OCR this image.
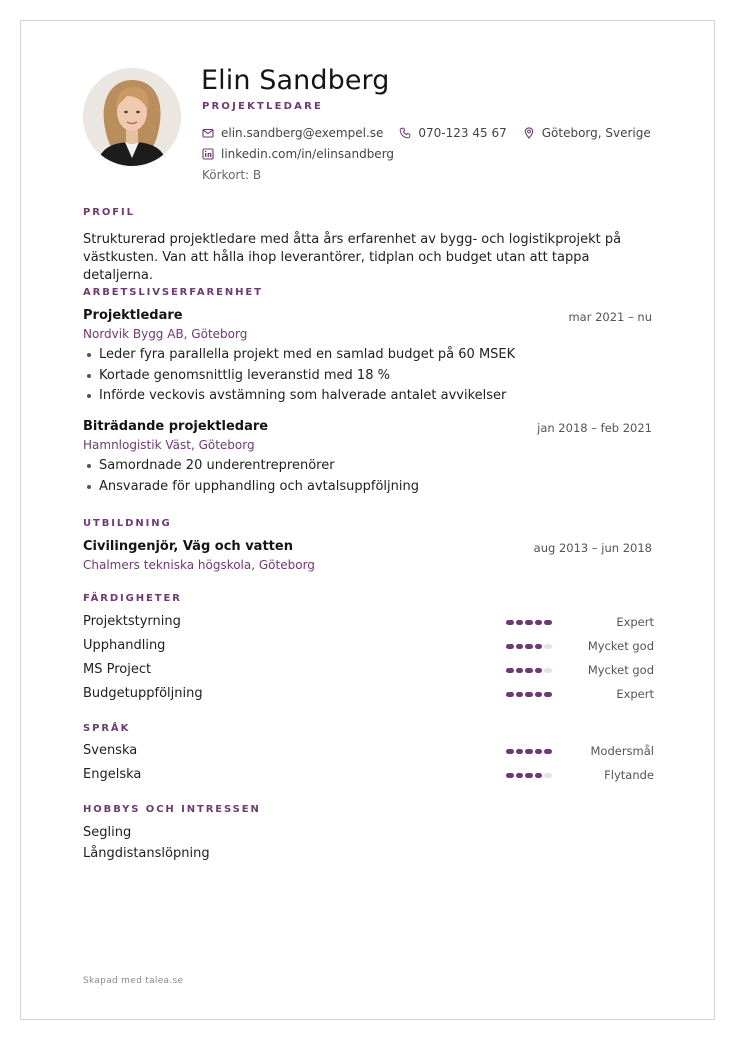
Elin Sandberg
PROJEKTLEDARE
elin.sandberg@exempel.se	070-123 45 67	Göteborg, Sverige
linkedin.com/in/elinsandberg
Körkort: B
PROFIL
Strukturerad projektledare med åtta års erfarenhet av bygg- och logistikprojekt på västkusten. Van att hålla ihop leverantörer, tidplan och budget utan att tappa detaljerna.
ARBETSLIVSERFARENHET
Projektledare	mar 2021 – nu
Nordvik Bygg AB, Göteborg
Leder fyra parallella projekt med en samlad budget på 60 MSEK
Kortade genomsnittlig leveranstid med 18 %
Införde veckovis avstämning som halverade antalet avvikelser
Biträdande projektledare	jan 2018 – feb 2021
Hamnlogistik Väst, Göteborg
Samordnade 20 underentreprenörer
Ansvarade för upphandling och avtalsuppföljning
UTBILDNING
Civilingenjör, Väg och vatten	aug 2013 – jun 2018
Chalmers tekniska högskola, Göteborg
FÄRDIGHETER
Projektstyrning	Expert
Upphandling	Mycket god
MS Project	Mycket god
Budgetuppföljning	Expert
SPRÅK
Svenska	Modersmål
Engelska	Flytande
HOBBYS OCH INTRESSEN
Segling
Långdistanslöpning
Skapad med talea.se
